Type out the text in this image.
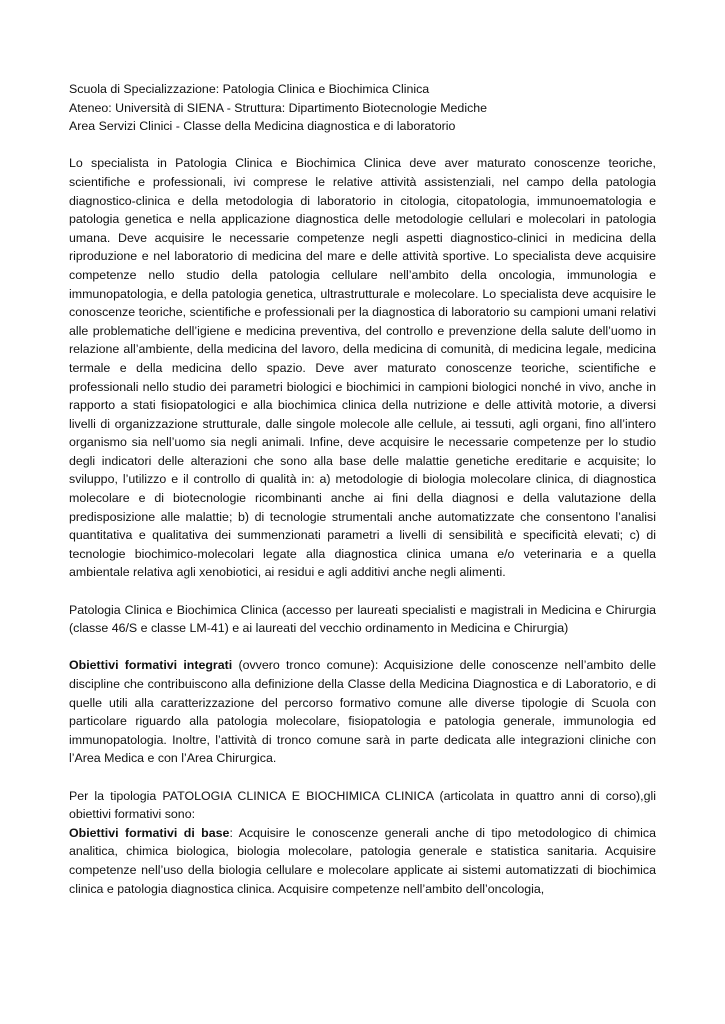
Scuola di Specializzazione: Patologia Clinica e Biochimica Clinica

Ateneo: Università di SIENA - Struttura: Dipartimento Biotecnologie Mediche

Area Servizi Clinici - Classe della Medicina diagnostica e di laboratorio

Lo specialista in Patologia Clinica e Biochimica Clinica deve aver maturato conoscenze teoriche, scientifiche e professionali, ivi comprese le relative attività assistenziali, nel campo della patologia diagnostico-clinica e della metodologia di laboratorio in citologia, citopatologia, immunoematologia e patologia genetica e nella applicazione diagnostica delle metodologie cellulari e molecolari in patologia umana. Deve acquisire le necessarie competenze negli aspetti diagnostico-clinici in medicina della riproduzione e nel laboratorio di medicina del mare e delle attività sportive. Lo specialista deve acquisire competenze nello studio della patologia cellulare nell’ambito della oncologia, immunologia e immunopatologia, e della patologia genetica, ultrastrutturale e molecolare. Lo specialista deve acquisire le conoscenze teoriche, scientifiche e professionali per la diagnostica di laboratorio su campioni umani relativi alle problematiche dell’igiene e medicina preventiva, del controllo e prevenzione della salute dell’uomo in relazione all’ambiente, della medicina del lavoro, della medicina di comunità, di medicina legale, medicina termale e della medicina dello spazio. Deve aver maturato conoscenze teoriche, scientifiche e professionali nello studio dei parametri biologici e biochimici in campioni biologici nonché in vivo, anche in rapporto a stati fisiopatologici e alla biochimica clinica della nutrizione e delle attività motorie, a diversi livelli di organizzazione strutturale, dalle singole molecole alle cellule, ai tessuti, agli organi, fino all’intero organismo sia nell’uomo sia negli animali. Infine, deve acquisire le necessarie competenze per lo studio degli indicatori delle alterazioni che sono alla base delle malattie genetiche ereditarie e acquisite; lo sviluppo, l’utilizzo e il controllo di qualità in: a) metodologie di biologia molecolare clinica, di diagnostica molecolare e di biotecnologie ricombinanti anche ai fini della diagnosi e della valutazione della predisposizione alle malattie; b) di tecnologie strumentali anche automatizzate che consentono l’analisi quantitativa e qualitativa dei summenzionati parametri a livelli di sensibilità e specificità elevati; c) di tecnologie biochimico-molecolari legate alla diagnostica clinica umana e/o veterinaria e a quella ambientale relativa agli xenobiotici, ai residui e agli additivi anche negli alimenti.

Patologia Clinica e Biochimica Clinica (accesso per laureati specialisti e magistrali in Medicina e Chirurgia (classe 46/S e classe LM-41) e ai laureati del vecchio ordinamento in Medicina e Chirurgia)

Obiettivi formativi integrati (ovvero tronco comune): Acquisizione delle conoscenze nell’ambito delle discipline che contribuiscono alla definizione della Classe della Medicina Diagnostica e di Laboratorio, e di quelle utili alla caratterizzazione del percorso formativo comune alle diverse tipologie di Scuola con particolare riguardo alla patologia molecolare, fisiopatologia e patologia generale, immunologia ed immunopatologia. Inoltre, l’attività di tronco comune sarà in parte dedicata alle integrazioni cliniche con l’Area Medica e con l’Area Chirurgica.

Per la tipologia PATOLOGIA CLINICA E BIOCHIMICA CLINICA (articolata in quattro anni di corso),gli obiettivi formativi sono:

Obiettivi formativi di base: Acquisire le conoscenze generali anche di tipo metodologico di chimica analitica, chimica biologica, biologia molecolare, patologia generale e statistica sanitaria. Acquisire competenze nell’uso della biologia cellulare e molecolare applicate ai sistemi automatizzati di biochimica clinica e patologia diagnostica clinica. Acquisire competenze nell’ambito dell’oncologia,
